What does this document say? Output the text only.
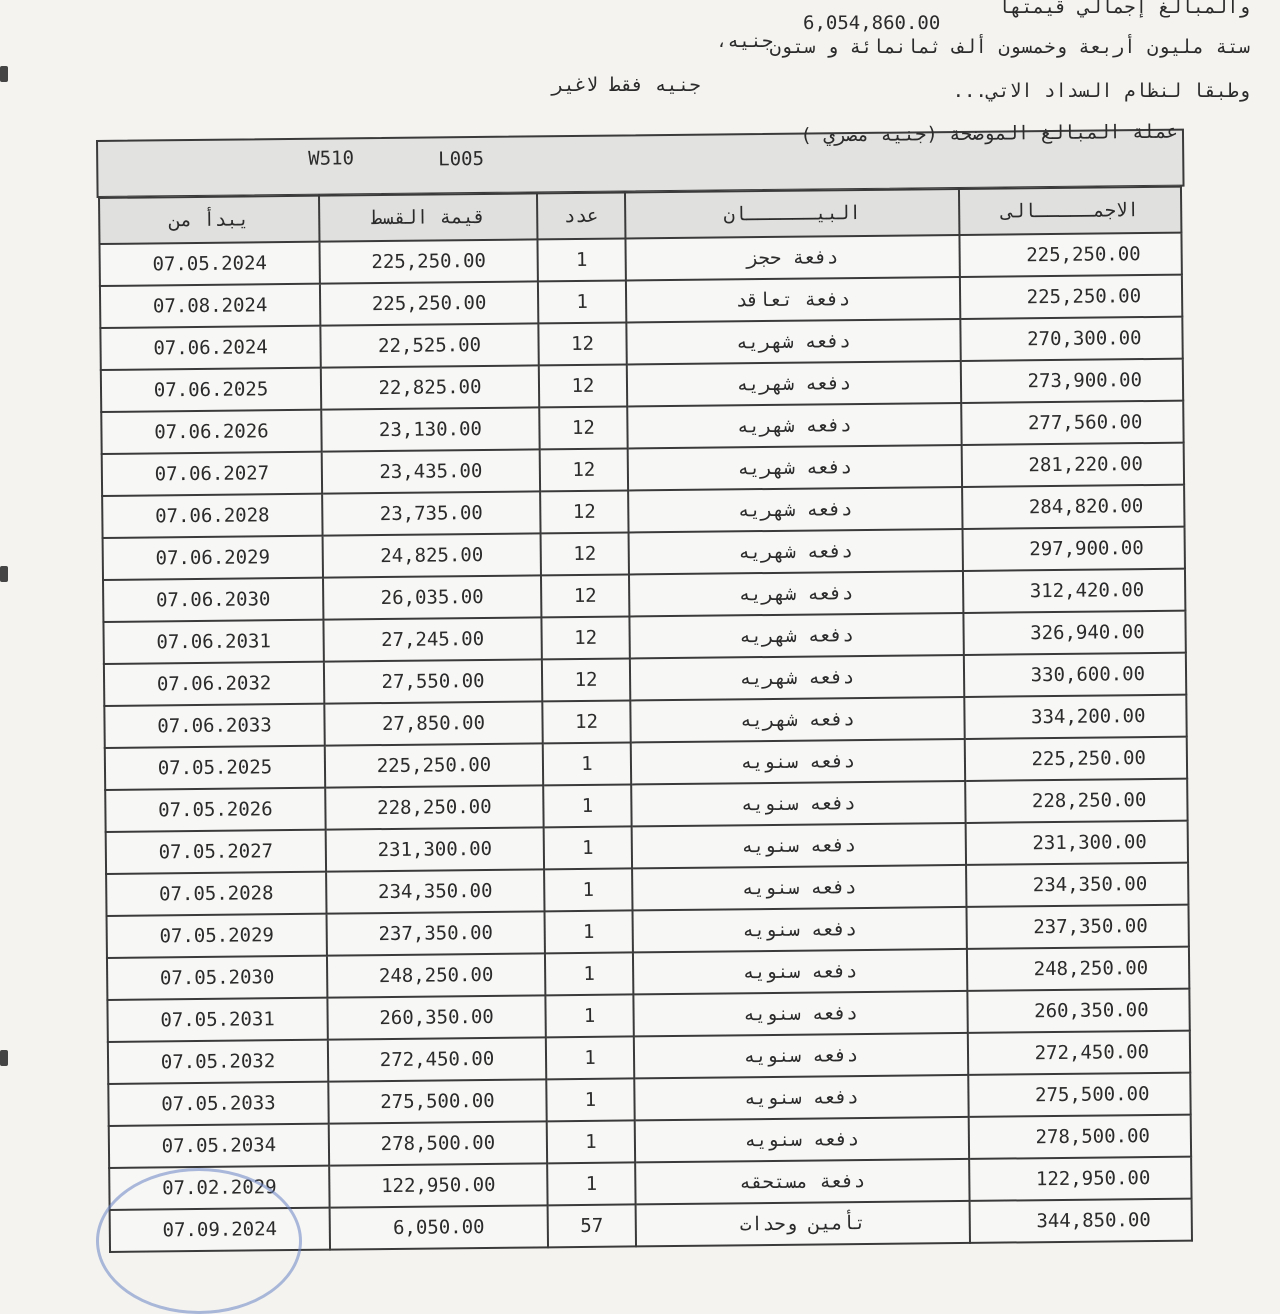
والمبالغ إجمالي قيمتها
6,054,860.00
جنيه،
ستة مليون أربعة وخمسون ألف ثمانمائة و ستون
جنيه فقط لاغير	وطبقا لنظام السداد الاتي...
عملة المبالغ الموضحة (جنيه مصري )
W510	L005
يبدأ من	قيمة القسط	عدد	البيــــــان	الاجمـــــالى
07.05.2024	225,250.00	1	دفعة حجز	225,250.00
07.08.2024	225,250.00	1	دفعة تعاقد	225,250.00
07.06.2024	22,525.00	12	دفعه شهريه	270,300.00
07.06.2025	22,825.00	12	دفعه شهريه	273,900.00
07.06.2026	23,130.00	12	دفعه شهريه	277,560.00
07.06.2027	23,435.00	12	دفعه شهريه	281,220.00
07.06.2028	23,735.00	12	دفعه شهريه	284,820.00
07.06.2029	24,825.00	12	دفعه شهريه	297,900.00
07.06.2030	26,035.00	12	دفعه شهريه	312,420.00
07.06.2031	27,245.00	12	دفعه شهريه	326,940.00
07.06.2032	27,550.00	12	دفعه شهريه	330,600.00
07.06.2033	27,850.00	12	دفعه شهريه	334,200.00
07.05.2025	225,250.00	1	دفعه سنويه	225,250.00
07.05.2026	228,250.00	1	دفعه سنويه	228,250.00
07.05.2027	231,300.00	1	دفعه سنويه	231,300.00
07.05.2028	234,350.00	1	دفعه سنويه	234,350.00
07.05.2029	237,350.00	1	دفعه سنويه	237,350.00
07.05.2030	248,250.00	1	دفعه سنويه	248,250.00
07.05.2031	260,350.00	1	دفعه سنويه	260,350.00
07.05.2032	272,450.00	1	دفعه سنويه	272,450.00
07.05.2033	275,500.00	1	دفعه سنويه	275,500.00
07.05.2034	278,500.00	1	دفعه سنويه	278,500.00
07.02.2029	122,950.00	1	دفعة مستحقه	122,950.00
07.09.2024	6,050.00	57	تأمين وحدات	344,850.00
